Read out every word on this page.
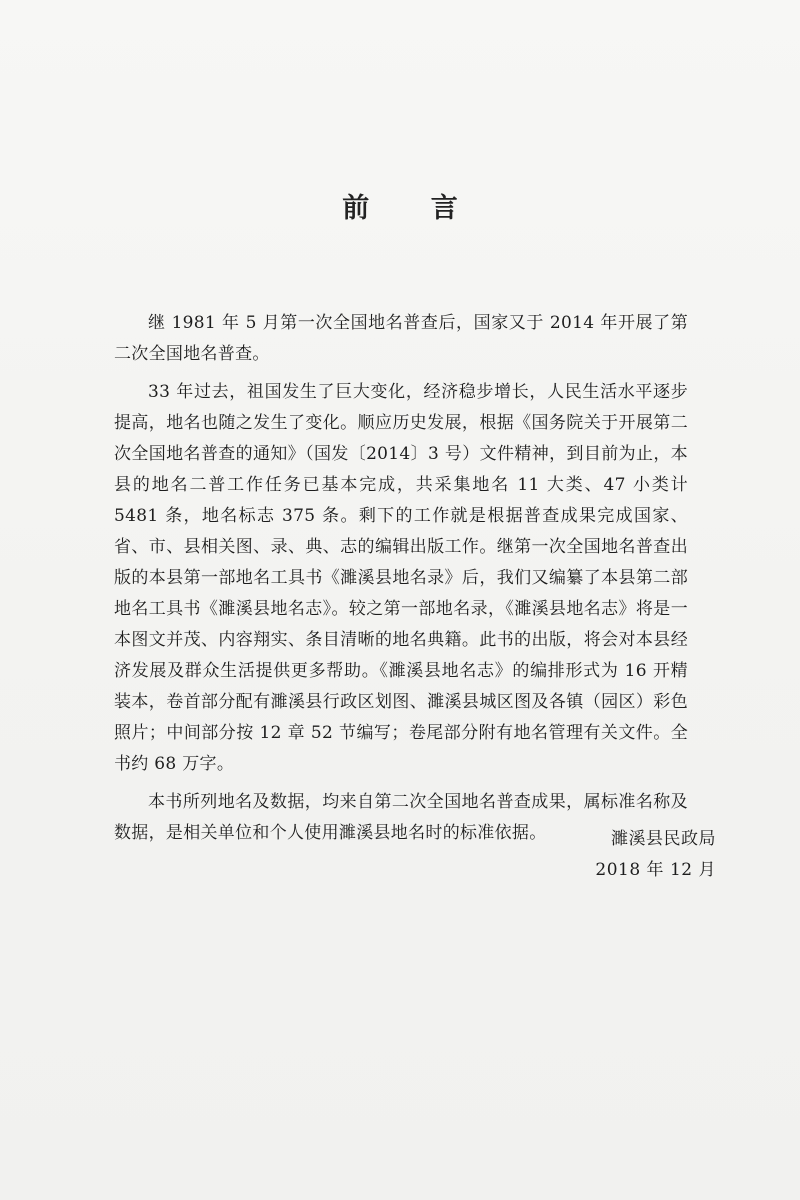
前 言

继 1981 年 5 月第一次全国地名普查后，国家又于 2014 年开展了第二次全国地名普查。

33 年过去，祖国发生了巨大变化，经济稳步增长，人民生活水平逐步提高，地名也随之发生了变化。顺应历史发展，根据《国务院关于开展第二次全国地名普查的通知》（国发〔2014〕3 号）文件精神，到目前为止，本县的地名二普工作任务已基本完成，共采集地名 11 大类、47 小类计 5481 条，地名标志 375 条。剩下的工作就是根据普查成果完成国家、省、市、县相关图、录、典、志的编辑出版工作。继第一次全国地名普查出版的本县第一部地名工具书《濉溪县地名录》后，我们又编纂了本县第二部地名工具书《濉溪县地名志》。较之第一部地名录，《濉溪县地名志》将是一本图文并茂、内容翔实、条目清晰的地名典籍。此书的出版，将会对本县经济发展及群众生活提供更多帮助。《濉溪县地名志》的编排形式为 16 开精装本，卷首部分配有濉溪县行政区划图、濉溪县城区图及各镇（园区）彩色照片；中间部分按 12 章 52 节编写；卷尾部分附有地名管理有关文件。全书约 68 万字。

本书所列地名及数据，均来自第二次全国地名普查成果，属标准名称及数据，是相关单位和个人使用濉溪县地名时的标准依据。	濉溪县民政局
2018 年 12 月
